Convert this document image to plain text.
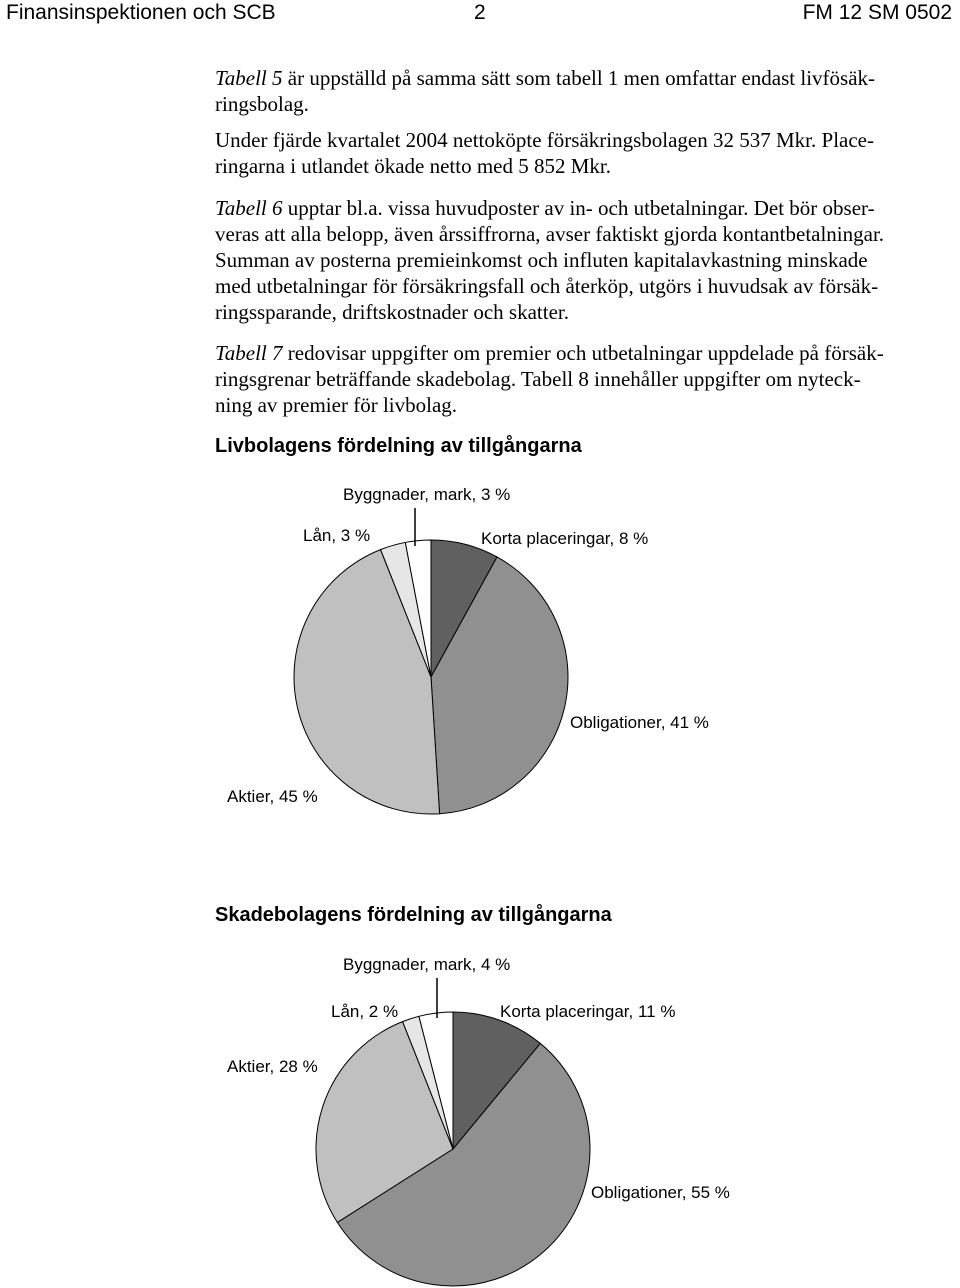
Finansinspektionen och SCB	2	FM 12 SM 0502
Tabell 5 är uppställd på samma sätt som tabell 1 men omfattar endast livfösäk-
ringsbolag.
Under fjärde kvartalet 2004 nettoköpte försäkringsbolagen 32 537 Mkr. Place-
ringarna i utlandet ökade netto med 5 852 Mkr.
Tabell 6 upptar bl.a. vissa huvudposter av in- och utbetalningar. Det bör obser-
veras att alla belopp, även årssiffrorna, avser faktiskt gjorda kontantbetalningar.
Summan av posterna premieinkomst och influten kapitalavkastning minskade
med utbetalningar för försäkringsfall och återköp, utgörs i huvudsak av försäk-
ringssparande, driftskostnader och skatter.
Tabell 7 redovisar uppgifter om premier och utbetalningar uppdelade på försäk-
ringsgrenar beträffande skadebolag. Tabell 8 innehåller uppgifter om nyteck-
ning av premier för livbolag.
Livbolagens fördelning av tillgångarna
Korta placeringar, 8 %
Obligationer, 41 %
Aktier, 45 %
Lån, 3 %
Byggnader, mark, 3 %
Skadebolagens fördelning av tillgångarna
Korta placeringar, 11 %
Obligationer, 55 %
Aktier, 28 %
Lån, 2 %
Byggnader, mark, 4 %
